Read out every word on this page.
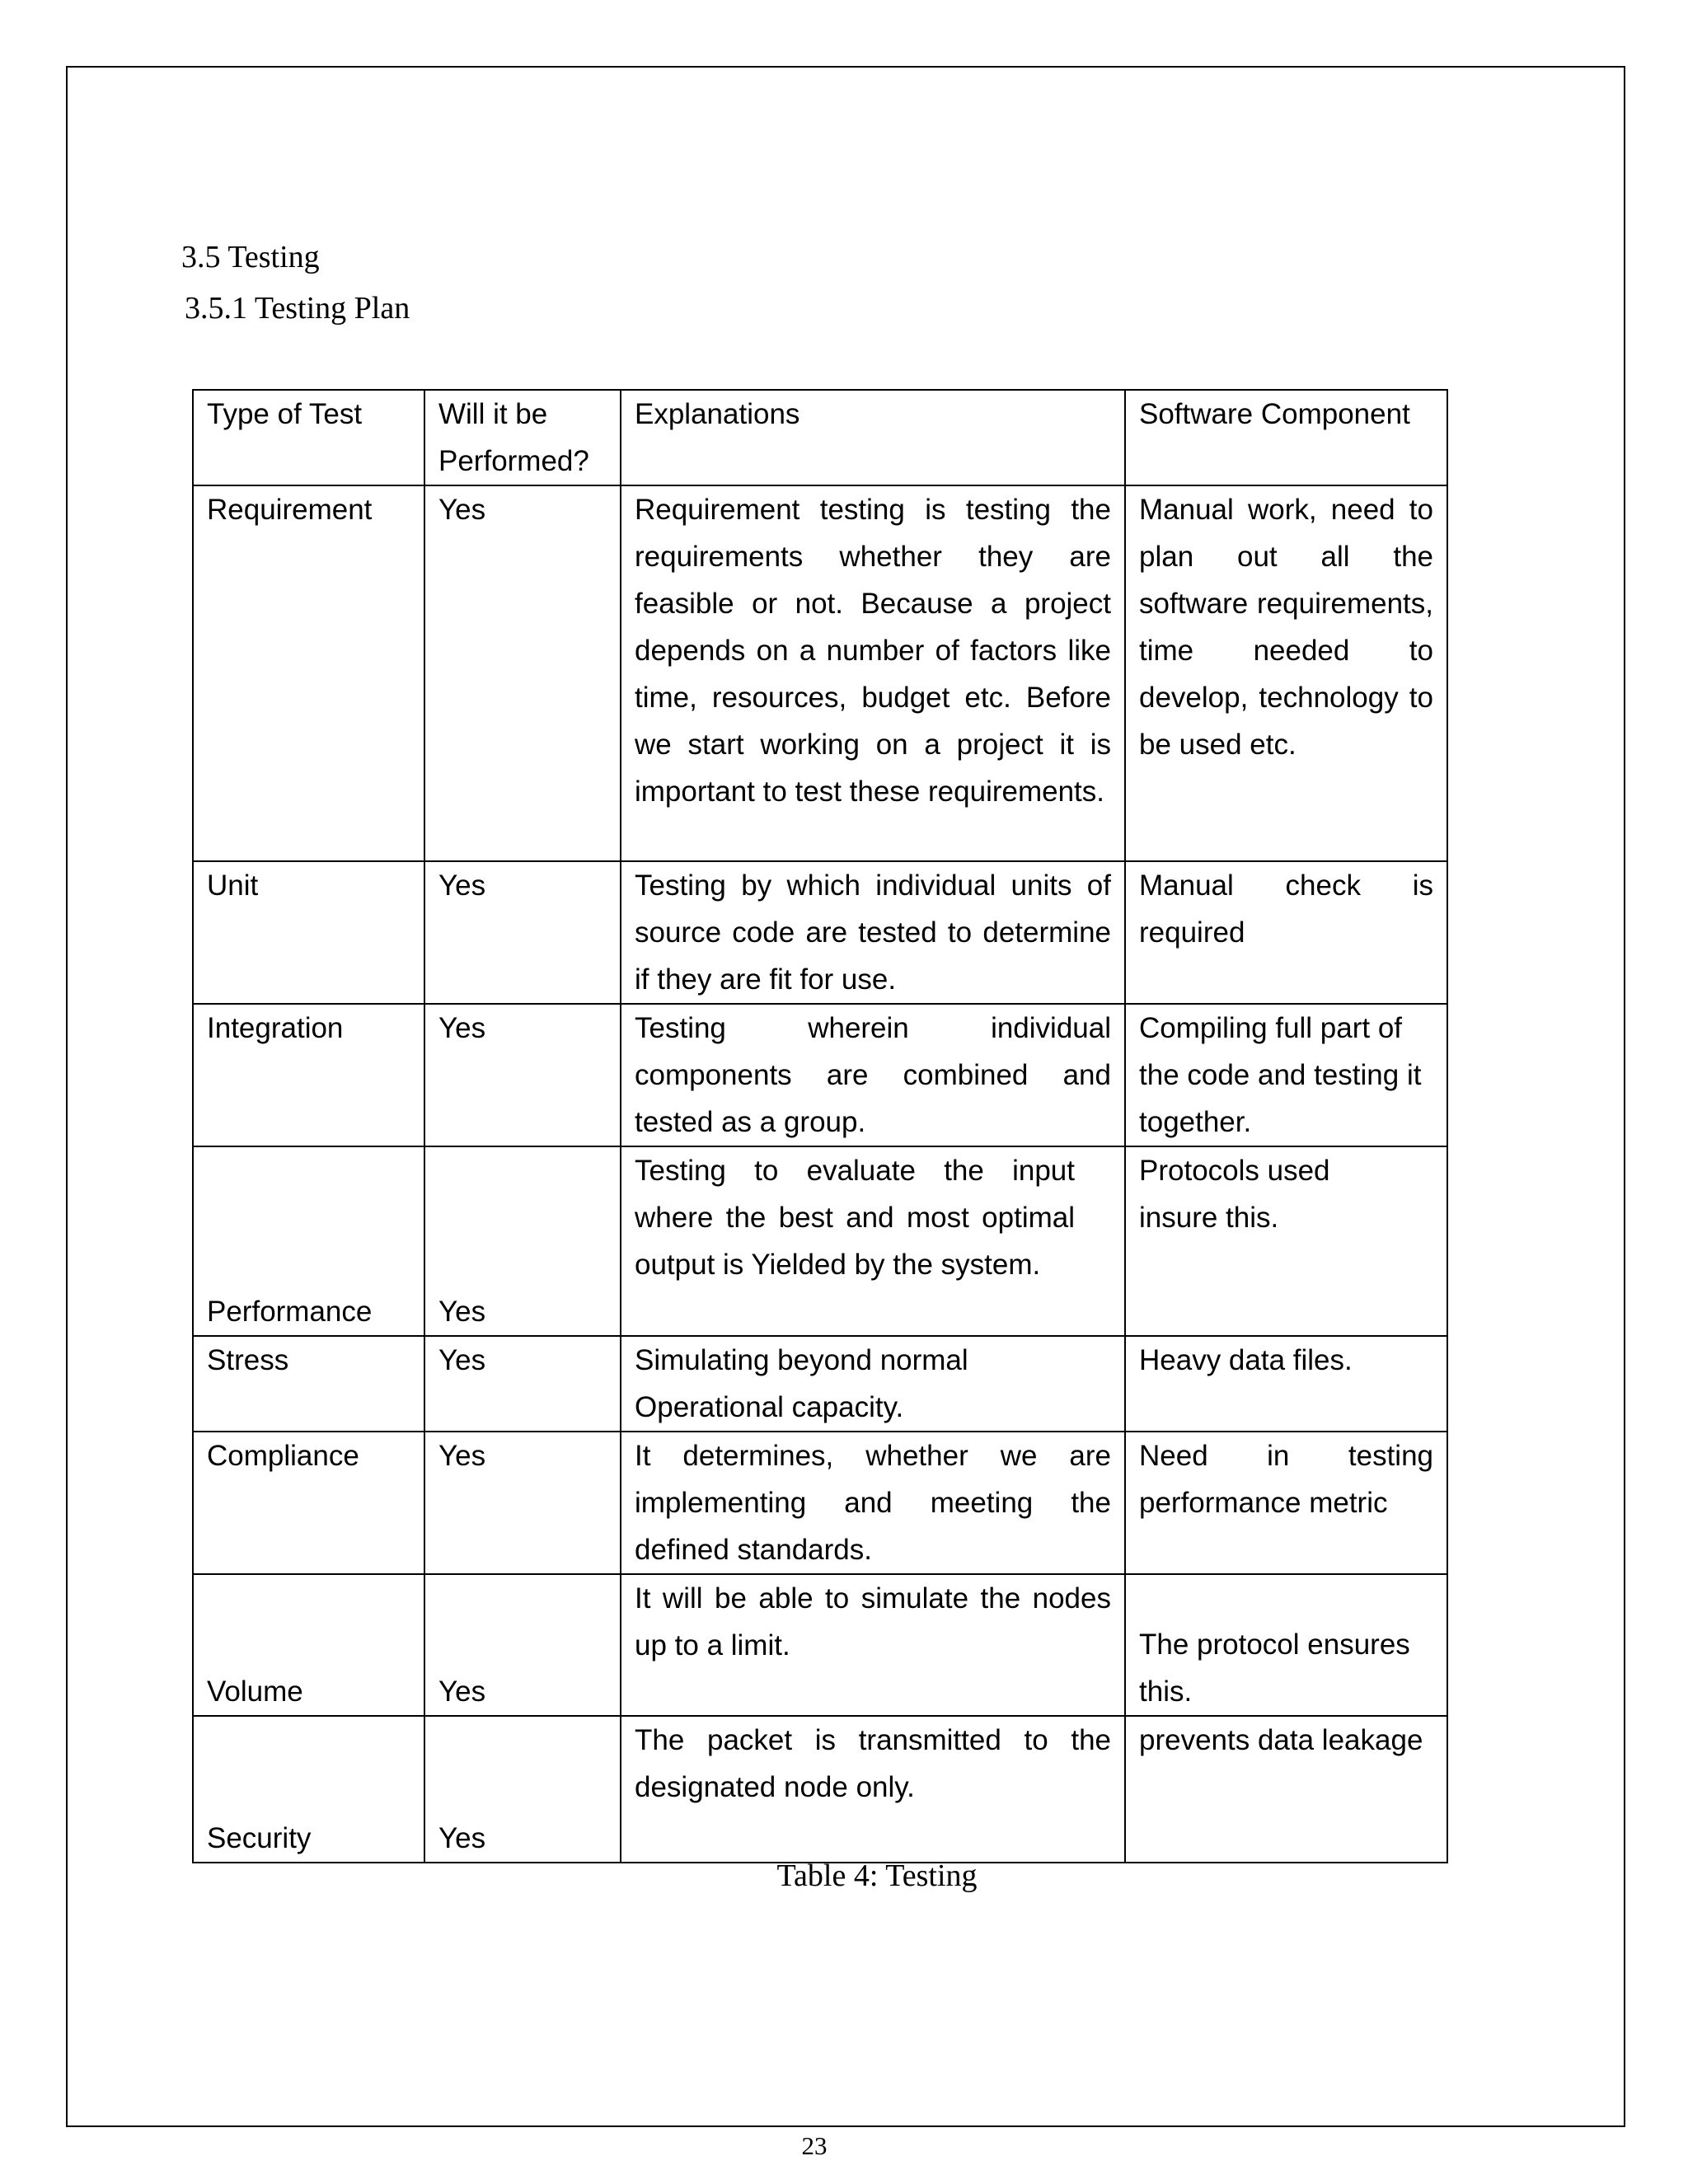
3.5 Testing
3.5.1 Testing Plan
Type of Test	Will it be Performed?	Explanations	Software Component
Requirement	Yes	Requirement testing is testing the requirements whether they are feasible or not. Because a project depends on a number of factors like time, resources, budget etc. Before we start working on a project it is important to test these requirements.	Manual work, need to plan out all the software requirements, time needed to develop, technology to be used etc.
Unit	Yes	Testing by which individual units of source code are tested to determine if they are fit for use.	Manual check is required
Integration	Yes	Testing wherein individual components are combined and tested as a group.	Compiling full part of the code and testing it together.
Performance	Yes	Testing to evaluate the input where the best and most optimal output is Yielded by the system.	Protocols used insure this.
Stress	Yes	Simulating beyond normal Operational capacity.	Heavy data files.
Compliance	Yes	It determines, whether we are implementing and meeting the defined standards.	Need in testing performance metric
Volume	Yes	It will be able to simulate the nodes up to a limit.	The protocol ensures this.
Security	Yes	The packet is transmitted to the designated node only.	prevents data leakage
Table 4: Testing
23
